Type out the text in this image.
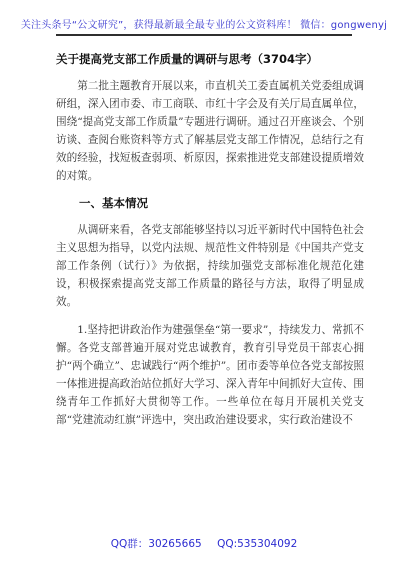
关注头条号“公文研究”，获得最新最全最专业的公文资料库！ 微信：gongwenyj
关于提高党支部工作质量的调研与思考（3704字）

第二批主题教育开展以来，市直机关工委直属机关党委组成调研组，深入团市委、市工商联、市红十字会及有关厅局直属单位，围绕“提高党支部工作质量”专题进行调研。通过召开座谈会、个别访谈、查阅台账资料等方式了解基层党支部工作情况，总结行之有效的经验，找短板查弱项、析原因，探索推进党支部建设提质增效的对策。

一、基本情况

从调研来看，各党支部能够坚持以习近平新时代中国特色社会主义思想为指导，以党内法规、规范性文件特别是《中国共产党支部工作条例（试行）》为依据，持续加强党支部标准化规范化建设，积极探索提高党支部工作质量的路径与方法，取得了明显成效。

1.坚持把讲政治作为建强堡垒“第一要求”，持续发力、常抓不懈。各党支部普遍开展对党忠诚教育，教育引导党员干部衷心拥护“两个确立”、忠诚践行“两个维护”。团市委等单位各党支部按照一体推进提高政治站位抓好大学习、深入青年中间抓好大宣传、围绕青年工作抓好大贯彻等工作。一些单位在每月开展机关党支部“党建流动红旗”评选中，突出政治建设要求，实行政治建设不

QQ群：30265665 QQ:535304092
